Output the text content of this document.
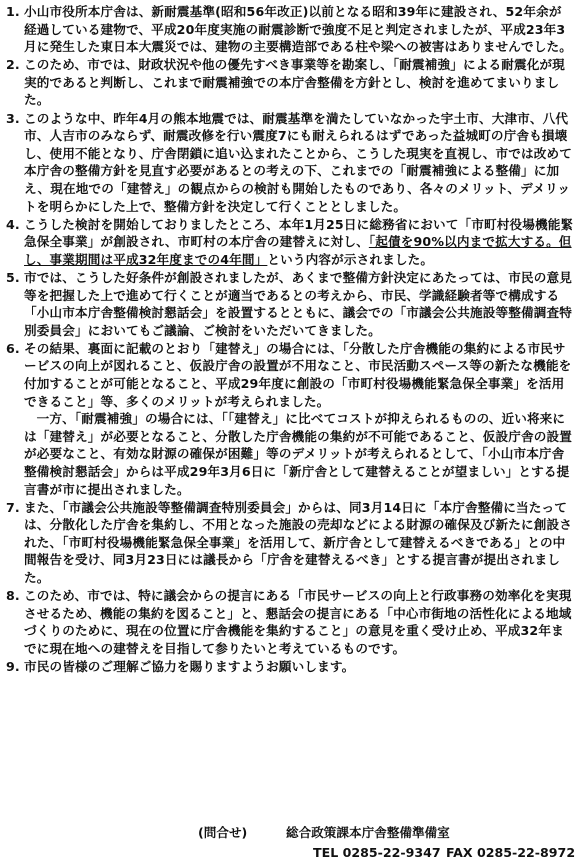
1. 小山市役所本庁舎は、新耐震基準(昭和56年改正)以前となる昭和39年に建設され、52年余が経過している建物で、平成20年度実施の耐震診断で強度不足と判定されましたが、平成23年3月に発生した東日本大震災では、建物の主要構造部である柱や梁への被害はありませんでした。
2. このため、市では、財政状況や他の優先すべき事業等を勘案し、「耐震補強」による耐震化が現実的であると判断し、これまで耐震補強での本庁舎整備を方針とし、検討を進めてまいりました。
3. このような中、昨年4月の熊本地震では、耐震基準を満たしていなかった宇土市、大津市、八代市、人吉市のみならず、耐震改修を行い震度7にも耐えられるはずであった益城町の庁舎も損壊し、使用不能となり、庁舎閉鎖に追い込まれたことから、こうした現実を直視し、市では改めて本庁舎の整備方針を見直す必要があるとの考えの下、これまでの「耐震補強による整備」に加え、現在地での「建替え」の観点からの検討も開始したものであり、各々のメリット、デメリットを明らかにした上で、整備方針を決定して行くこととしました。
4. こうした検討を開始しておりましたところ、本年1月25日に総務省において「市町村役場機能緊急保全事業」が創設され、市町村の本庁舎の建替えに対し、「起債を90%以内まで拡大する。但し、事業期間は平成32年度までの4年間」という内容が示されました。
5. 市では、こうした好条件が創設されましたが、あくまで整備方針決定にあたっては、市民の意見等を把握した上で進めて行くことが適当であるとの考えから、市民、学識経験者等で構成する「小山市本庁舎整備検討懇話会」を設置するとともに、議会での「市議会公共施設等整備調査特別委員会」においてもご議論、ご検討をいただいてきました。
6. その結果、裏面に記載のとおり「建替え」の場合には、「分散した庁舎機能の集約による市民サービスの向上が図れること、仮設庁舎の設置が不用なこと、市民活動スペース等の新たな機能を付加することが可能となること、平成29年度に創設の「市町村役場機能緊急保全事業」を活用できること」等、多くのメリットが考えられました。
一方、「耐震補強」の場合には、「「建替え」に比べてコストが抑えられるものの、近い将来には「建替え」が必要となること、分散した庁舎機能の集約が不可能であること、仮設庁舎の設置が必要なこと、有効な財源の確保が困難」等のデメリットが考えられるとして、「小山市本庁舎整備検討懇話会」からは平成29年3月6日に「新庁舎として建替えることが望ましい」とする提言書が市に提出されました。
7. また、「市議会公共施設等整備調査特別委員会」からは、同3月14日に「本庁舎整備に当たっては、分散化した庁舎を集約し、不用となった施設の売却などによる財源の確保及び新たに創設された、「市町村役場機能緊急保全事業」を活用して、新庁舎として建替えるべきである」との中間報告を受け、同3月23日には議長から「庁舎を建替えるべき」とする提言書が提出されました。
8. このため、市では、特に議会からの提言にある「市民サービスの向上と行政事務の効率化を実現させるため、機能の集約を図ること」と、懇話会の提言にある「中心市街地の活性化による地域づくりのために、現在の位置に庁舎機能を集約すること」の意見を重く受け止め、平成32年までに現在地への建替えを目指して参りたいと考えているものです。
9. 市民の皆様のご理解ご協力を賜りますようお願いします。
(問合せ)	総合政策課本庁舎整備準備室
TEL 0285-22-9347 FAX 0285-22-8972
